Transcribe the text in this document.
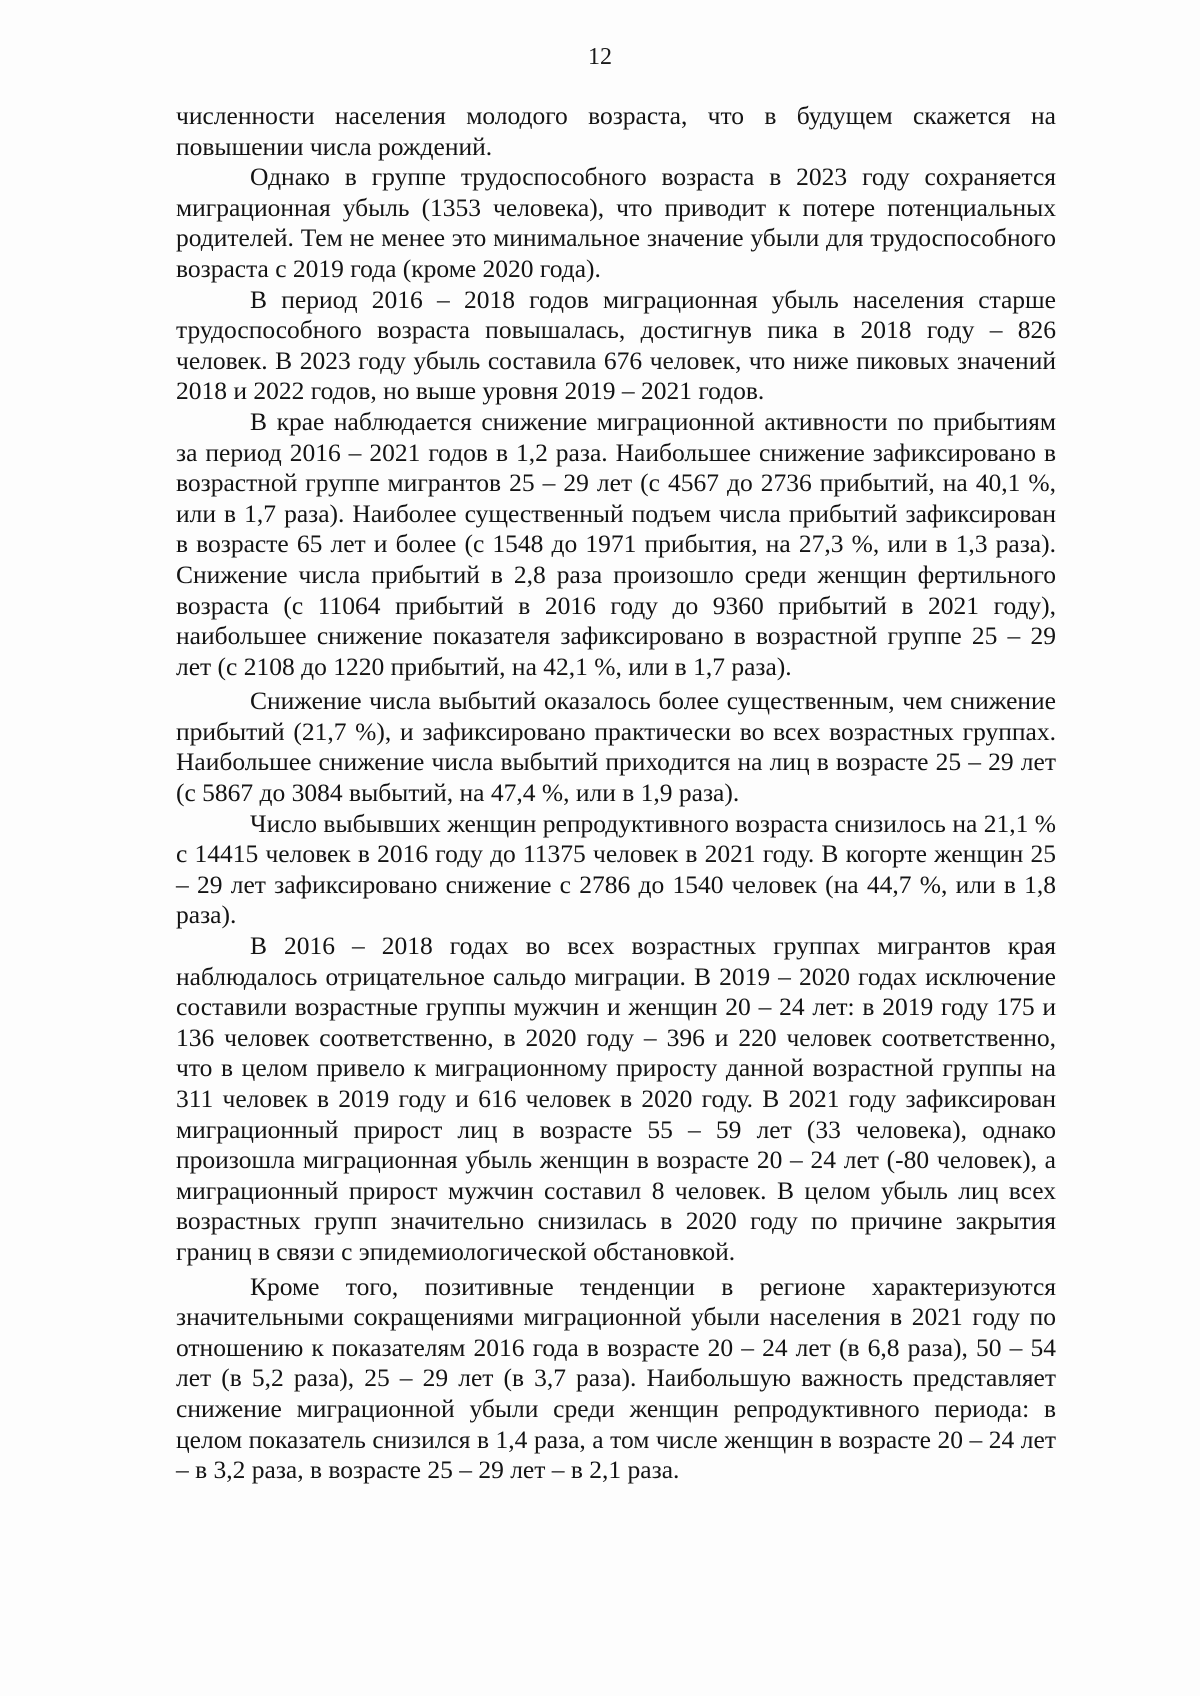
12

численности населения молодого возраста, что в будущем скажется на повышении числа рождений.

Однако в группе трудоспособного возраста в 2023 году сохраняется миграционная убыль (1353 человека), что приводит к потере потенциальных родителей. Тем не менее это минимальное значение убыли для трудоспособного возраста с 2019 года (кроме 2020 года).

В период 2016 – 2018 годов миграционная убыль населения старше трудоспособного возраста повышалась, достигнув пика в 2018 году – 826 человек. В 2023 году убыль составила 676 человек, что ниже пиковых значений 2018 и 2022 годов, но выше уровня 2019 – 2021 годов.

В крае наблюдается снижение миграционной активности по прибытиям за период 2016 – 2021 годов в 1,2 раза. Наибольшее снижение зафиксировано в возрастной группе мигрантов 25 – 29 лет (с 4567 до 2736 прибытий, на 40,1 %, или в 1,7 раза). Наиболее существенный подъем числа прибытий зафиксирован в возрасте 65 лет и более (с 1548 до 1971 прибытия, на 27,3 %, или в 1,3 раза). Снижение числа прибытий в 2,8 раза произошло среди женщин фертильного возраста (с 11064 прибытий в 2016 году до 9360 прибытий в 2021 году), наибольшее снижение показателя зафиксировано в возрастной группе 25 – 29 лет (с 2108 до 1220 прибытий, на 42,1 %, или в 1,7 раза).

Снижение числа выбытий оказалось более существенным, чем снижение прибытий (21,7 %), и зафиксировано практически во всех возрастных группах. Наибольшее снижение числа выбытий приходится на лиц в возрасте 25 – 29 лет (с 5867 до 3084 выбытий, на 47,4 %, или в 1,9 раза).

Число выбывших женщин репродуктивного возраста снизилось на 21,1 % с 14415 человек в 2016 году до 11375 человек в 2021 году. В когорте женщин 25 – 29 лет зафиксировано снижение с 2786 до 1540 человек (на 44,7 %, или в 1,8 раза).

В 2016 – 2018 годах во всех возрастных группах мигрантов края наблюдалось отрицательное сальдо миграции. В 2019 – 2020 годах исключение составили возрастные группы мужчин и женщин 20 – 24 лет: в 2019 году 175 и 136 человек соответственно, в 2020 году – 396 и 220 человек соответственно, что в целом привело к миграционному приросту данной возрастной группы на 311 человек в 2019 году и 616 человек в 2020 году. В 2021 году зафиксирован миграционный прирост лиц в возрасте 55 – 59 лет (33 человека), однако произошла миграционная убыль женщин в возрасте 20 – 24 лет (-80 человек), а миграционный прирост мужчин составил 8 человек. В целом убыль лиц всех возрастных групп значительно снизилась в 2020 году по причине закрытия границ в связи с эпидемиологической обстановкой.

Кроме того, позитивные тенденции в регионе характеризуются значительными сокращениями миграционной убыли населения в 2021 году по отношению к показателям 2016 года в возрасте 20 – 24 лет (в 6,8 раза), 50 – 54 лет (в 5,2 раза), 25 – 29 лет (в 3,7 раза). Наибольшую важность представляет снижение миграционной убыли среди женщин репродуктивного периода: в целом показатель снизился в 1,4 раза, а том числе женщин в возрасте 20 – 24 лет – в 3,2 раза, в возрасте 25 – 29 лет – в 2,1 раза.
